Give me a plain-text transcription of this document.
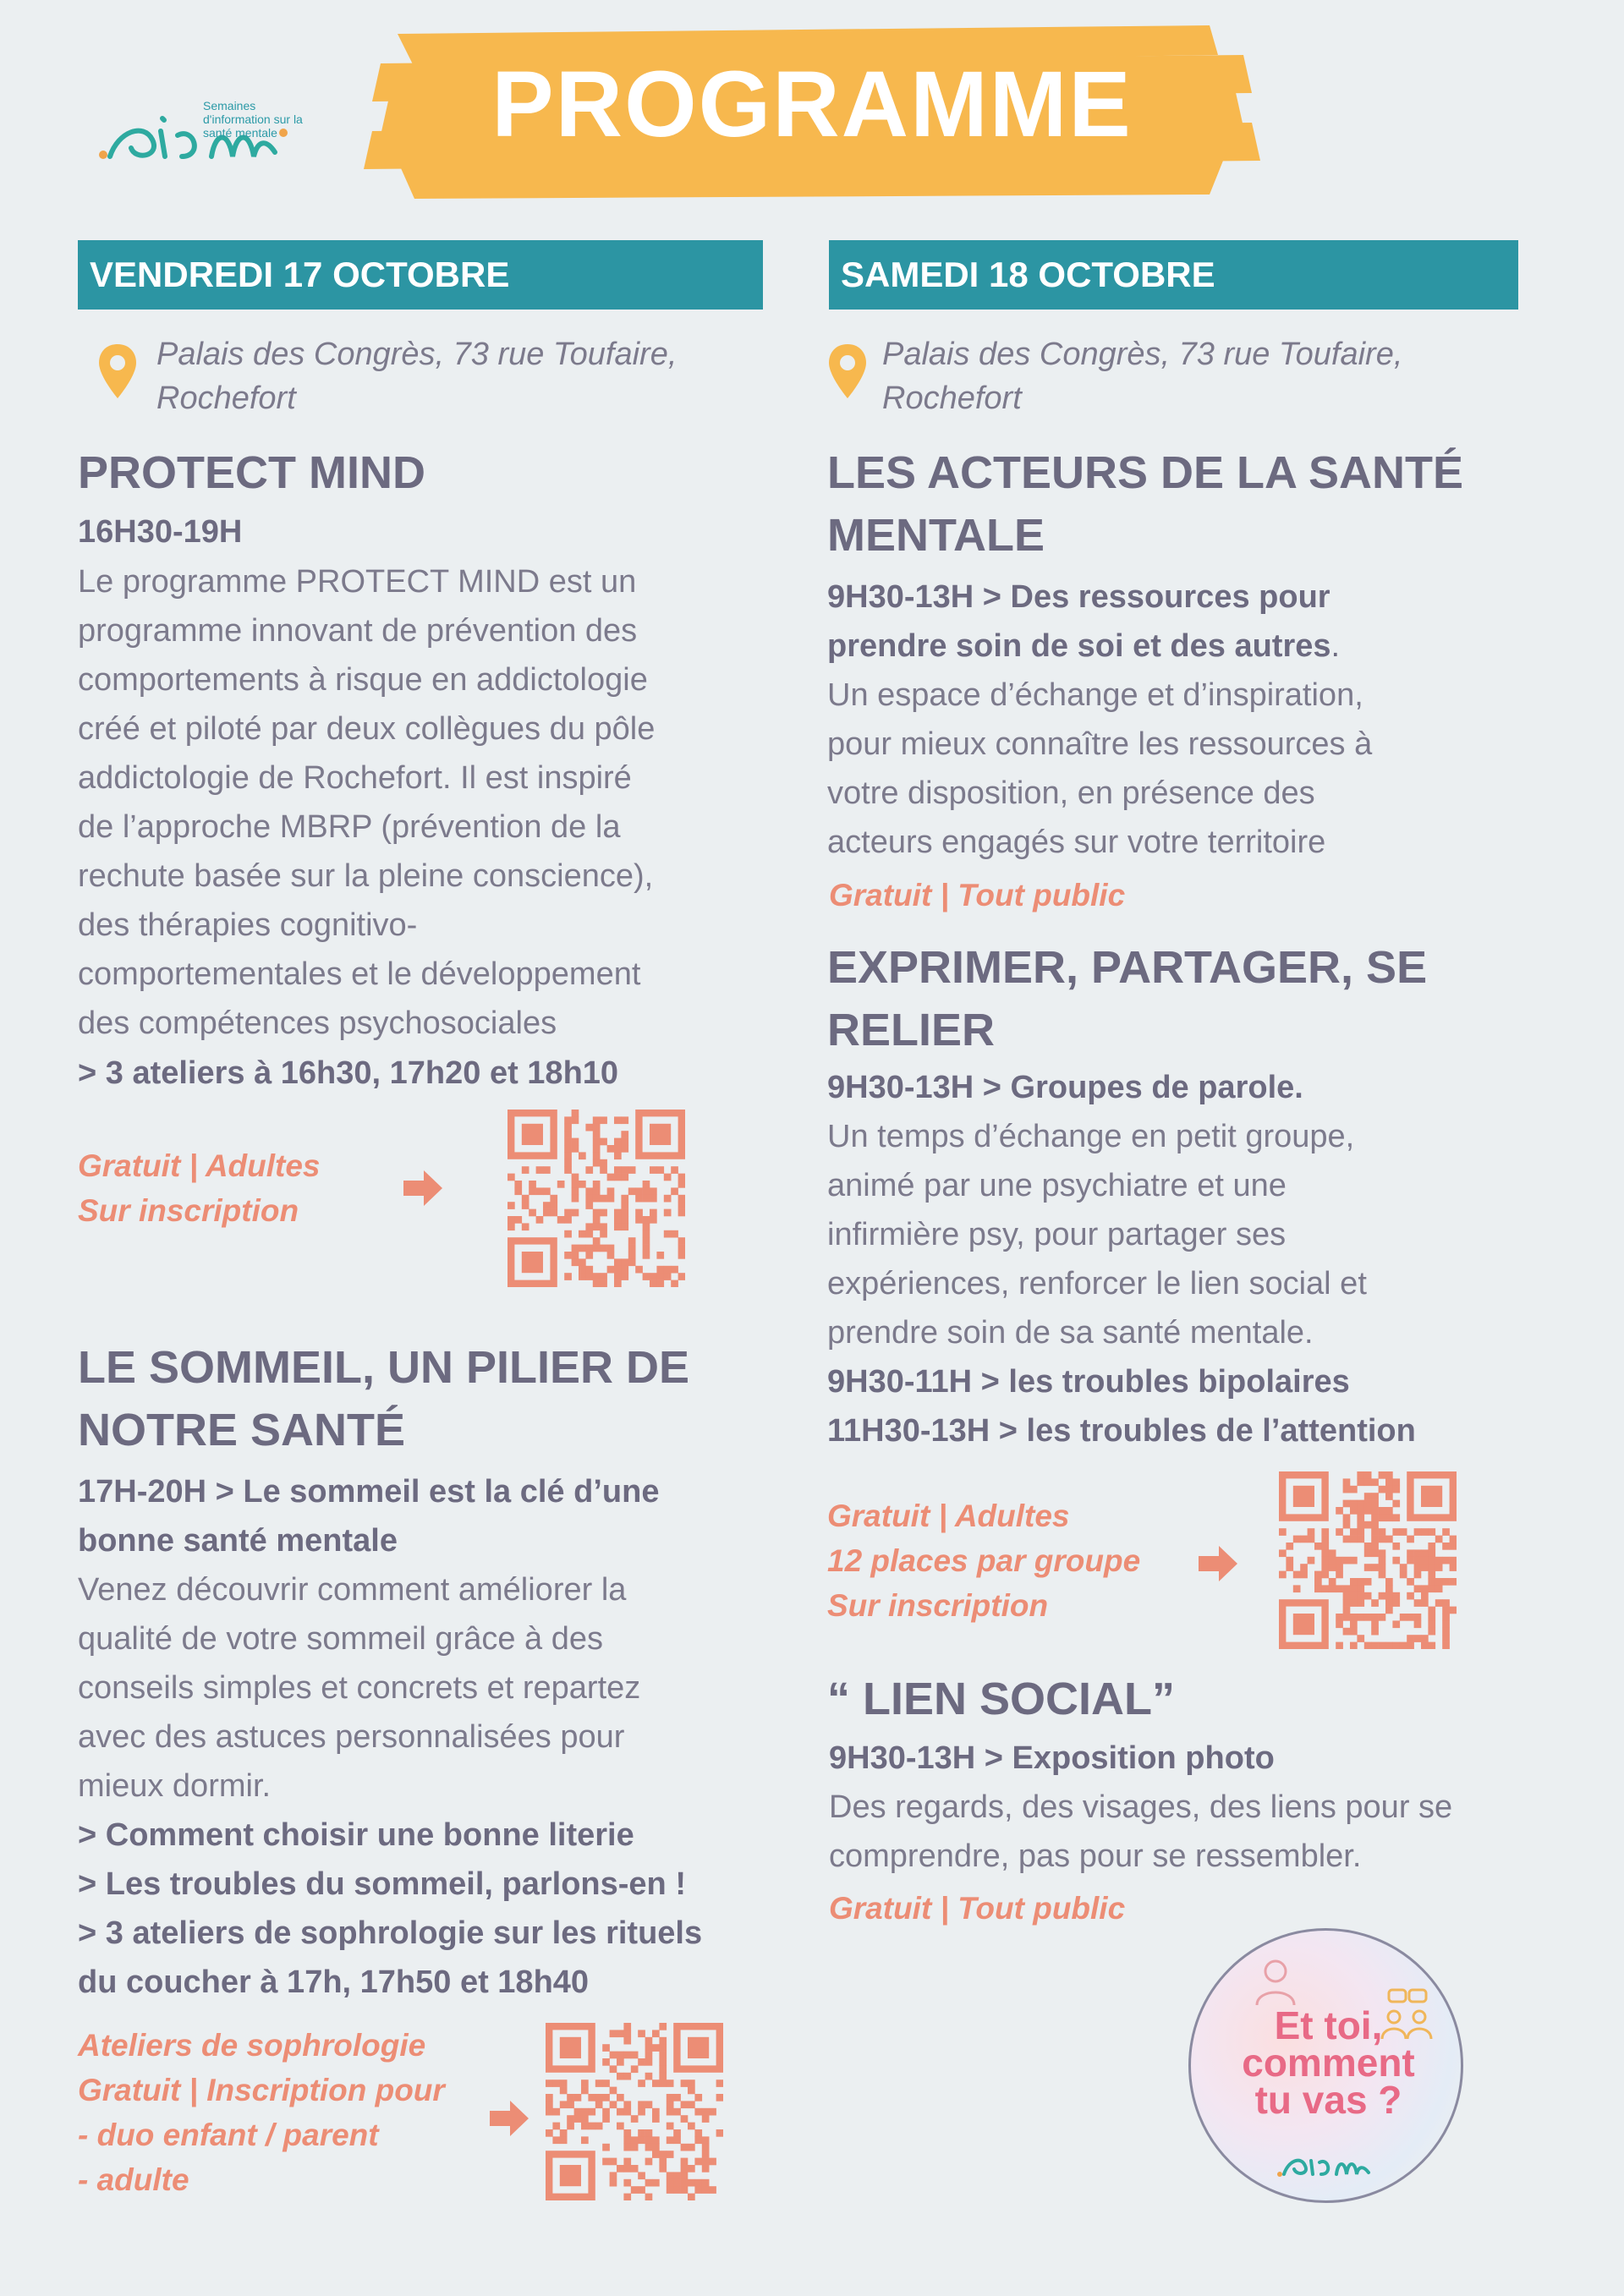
Semaines d'information sur la santé mentale	PROGRAMME
VENDREDI 17 OCTOBRE
Palais des Congrès, 73 rue Toufaire,
Rochefort
PROTECT MIND
16H30-19H
Le programme PROTECT MIND est un
programme innovant de prévention des
comportements à risque en addictologie
créé et piloté par deux collègues du pôle
addictologie de Rochefort. Il est inspiré
de l’approche MBRP (prévention de la
rechute basée sur la pleine conscience),
des thérapies cognitivo-
comportementales et le développement
des compétences psychosociales
> 3 ateliers à 16h30, 17h20 et 18h10
Gratuit | Adultes
Sur inscription
LE SOMMEIL, UN PILIER DE
NOTRE SANTÉ
17H-20H > Le sommeil est la clé d’une
bonne santé mentale
Venez découvrir comment améliorer la
qualité de votre sommeil grâce à des
conseils simples et concrets et repartez
avec des astuces personnalisées pour
mieux dormir.
> Comment choisir une bonne literie
> Les troubles du sommeil, parlons-en !
> 3 ateliers de sophrologie sur les rituels
du coucher à 17h, 17h50 et 18h40
Ateliers de sophrologie
Gratuit | Inscription pour
- duo enfant / parent
- adulte
SAMEDI 18 OCTOBRE
Palais des Congrès, 73 rue Toufaire,
Rochefort
LES ACTEURS DE LA SANTÉ
MENTALE
9H30-13H > Des ressources pour
prendre soin de soi et des autres.
Un espace d’échange et d’inspiration,
pour mieux connaître les ressources à
votre disposition, en présence des
acteurs engagés sur votre territoire
Gratuit | Tout public
EXPRIMER, PARTAGER, SE
RELIER
9H30-13H > Groupes de parole.
Un temps d’échange en petit groupe,
animé par une psychiatre et une
infirmière psy, pour partager ses
expériences, renforcer le lien social et
prendre soin de sa santé mentale.
9H30-11H > les troubles bipolaires
11H30-13H > les troubles de l’attention
Gratuit | Adultes
12 places par groupe
Sur inscription
“ LIEN SOCIAL”
9H30-13H > Exposition photo
Des regards, des visages, des liens pour se
comprendre, pas pour se ressembler.
Gratuit | Tout public
Et toi,
comment
tu vas ?
